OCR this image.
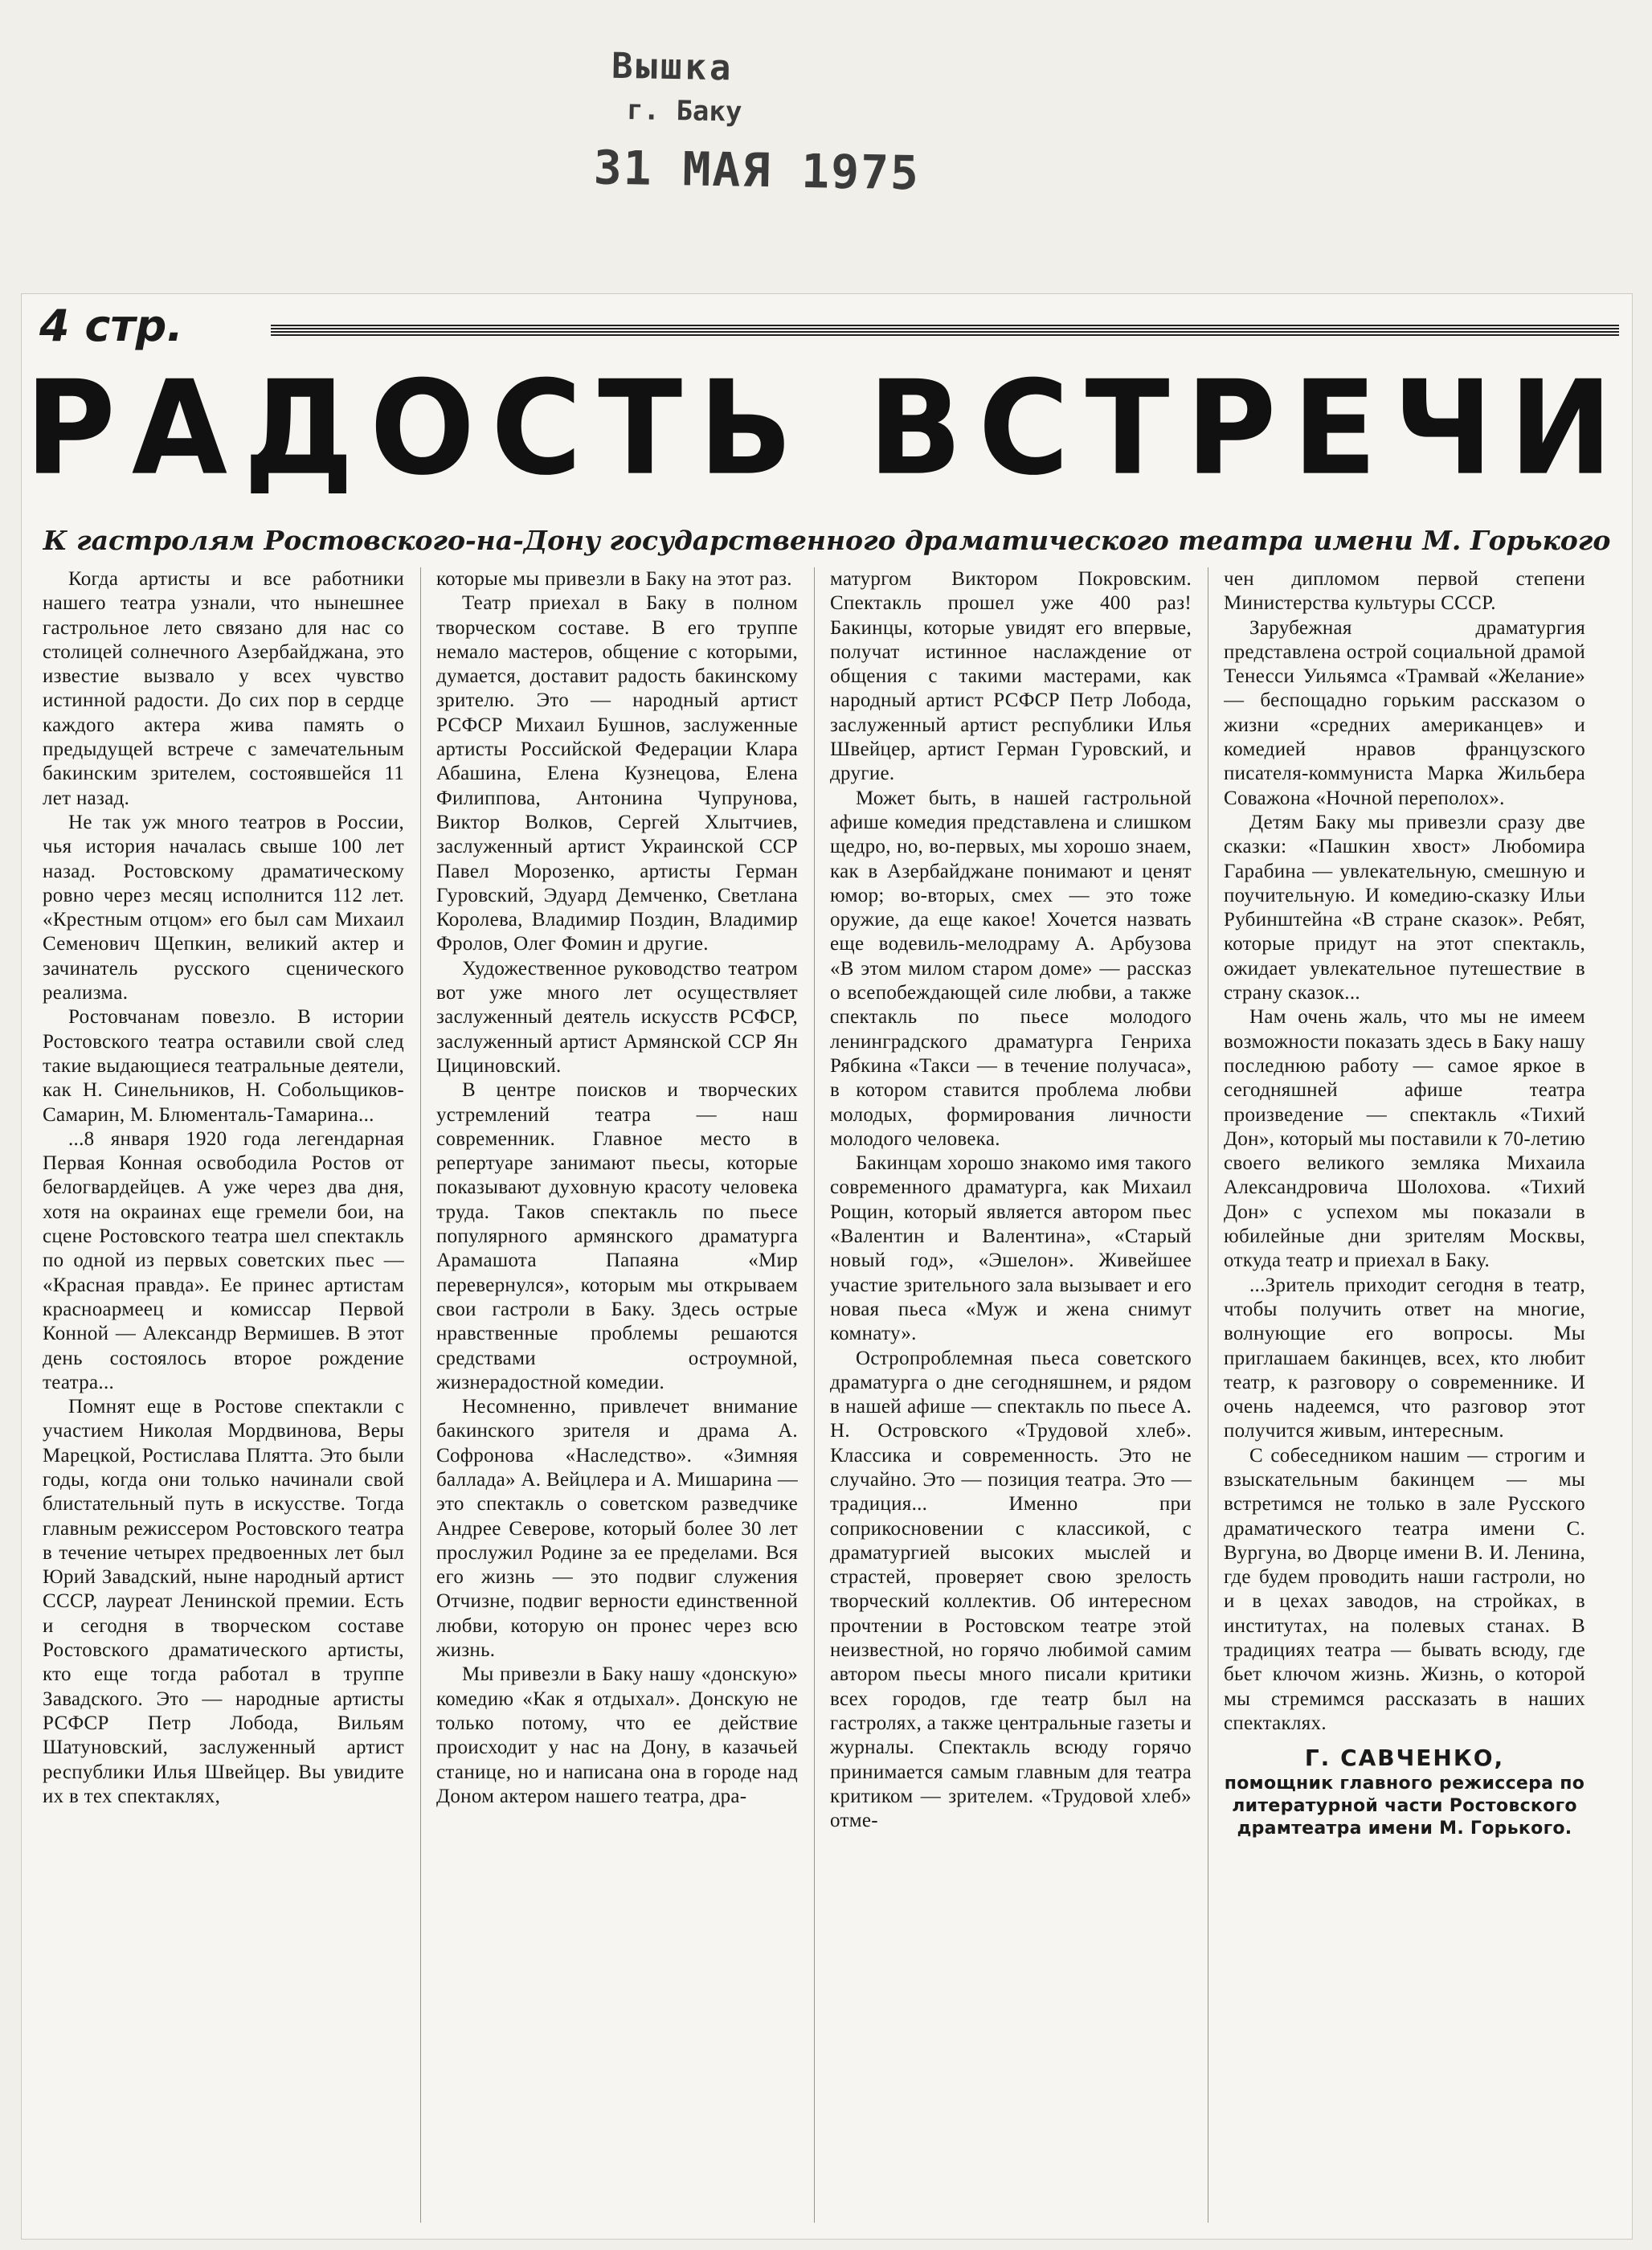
Вышка
г. Баку
31 МАЯ 1975
4 стр.
РАДОСТЬ ВСТРЕЧИ
К гастролям Ростовского-на-Дону государственного драматического театра имени М. Горького

Когда артисты и все работники нашего театра узнали, что нынешнее гастрольное лето связано для нас со столицей солнечного Азербайджана, это известие вызвало у всех чувство истинной радости. До сих пор в сердце каждого актера жива память о предыдущей встрече с замечательным бакинским зрителем, состоявшейся 11 лет назад.

Не так уж много театров в России, чья история началась свыше 100 лет назад. Ростовскому драматическому ровно через месяц исполнится 112 лет. «Крестным отцом» его был сам Михаил Семенович Щепкин, великий актер и зачинатель русского сценического реализма.

Ростовчанам повезло. В истории Ростовского театра оставили свой след такие выдающиеся театральные деятели, как Н. Синельников, Н. Собольщиков-Самарин, М. Блюменталь-Тамарина...

...8 января 1920 года легендарная Первая Конная освободила Ростов от белогвардейцев. А уже через два дня, хотя на окраинах еще гремели бои, на сцене Ростовского театра шел спектакль по одной из первых советских пьес — «Красная правда». Ее принес артистам красноармеец и комиссар Первой Конной — Александр Вермишев. В этот день состоялось второе рождение театра...

Помнят еще в Ростове спектакли с участием Николая Мордвинова, Веры Марецкой, Ростислава Плятта. Это были годы, когда они только начинали свой блистательный путь в искусстве. Тогда главным режиссером Ростовского театра в течение четырех предвоенных лет был Юрий Завадский, ныне народный артист СССР, лауреат Ленинской премии. Есть и сегодня в творческом составе Ростовского драматического артисты, кто еще тогда работал в труппе Завадского. Это — народные артисты РСФСР Петр Лобода, Вильям Шатуновский, заслуженный артист республики Илья Швейцер. Вы увидите их в тех спектаклях,

которые мы привезли в Баку на этот раз.

Театр приехал в Баку в полном творческом составе. В его труппе немало мастеров, общение с которыми, думается, доставит радость бакинскому зрителю. Это — народный артист РСФСР Михаил Бушнов, заслуженные артисты Российской Федерации Клара Абашина, Елена Кузнецова, Елена Филиппова, Антонина Чупрунова, Виктор Волков, Сергей Хлытчиев, заслуженный артист Украинской ССР Павел Морозенко, артисты Герман Гуровский, Эдуард Демченко, Светлана Королева, Владимир Поздин, Владимир Фролов, Олег Фомин и другие.

Художественное руководство театром вот уже много лет осуществляет заслуженный деятель искусств РСФСР, заслуженный артист Армянской ССР Ян Цициновский.

В центре поисков и творческих устремлений театра — наш современник. Главное место в репертуаре занимают пьесы, которые показывают духовную красоту человека труда. Таков спектакль по пьесе популярного армянского драматурга Арамашота Папаяна «Мир перевернулся», которым мы открываем свои гастроли в Баку. Здесь острые нравственные проблемы решаются средствами остроумной, жизнерадостной комедии.

Несомненно, привлечет внимание бакинского зрителя и драма А. Софронова «Наследство». «Зимняя баллада» А. Вейцлера и А. Мишарина — это спектакль о советском разведчике Андрее Северове, который более 30 лет прослужил Родине за ее пределами. Вся его жизнь — это подвиг служения Отчизне, подвиг верности единственной любви, которую он пронес через всю жизнь.

Мы привезли в Баку нашу «донскую» комедию «Как я отдыхал». Донскую не только потому, что ее действие происходит у нас на Дону, в казачьей станице, но и написана она в городе над Доном актером нашего театра, дра-

матургом Виктором Покровским. Спектакль прошел уже 400 раз! Бакинцы, которые увидят его впервые, получат истинное наслаждение от общения с такими мастерами, как народный артист РСФСР Петр Лобода, заслуженный артист республики Илья Швейцер, артист Герман Гуровский, и другие.

Может быть, в нашей гастрольной афише комедия представлена и слишком щедро, но, во-первых, мы хорошо знаем, как в Азербайджане понимают и ценят юмор; во-вторых, смех — это тоже оружие, да еще какое! Хочется назвать еще водевиль-мелодраму А. Арбузова «В этом милом старом доме» — рассказ о всепобеждающей силе любви, а также спектакль по пьесе молодого ленинградского драматурга Генриха Рябкина «Такси — в течение получаса», в котором ставится проблема любви молодых, формирования личности молодого человека.

Бакинцам хорошо знакомо имя такого современного драматурга, как Михаил Рощин, который является автором пьес «Валентин и Валентина», «Старый новый год», «Эшелон». Живейшее участие зрительного зала вызывает и его новая пьеса «Муж и жена снимут комнату».

Остропроблемная пьеса советского драматурга о дне сегодняшнем, и рядом в нашей афише — спектакль по пьесе А. Н. Островского «Трудовой хлеб». Классика и современность. Это не случайно. Это — позиция театра. Это — традиция... Именно при соприкосновении с классикой, с драматургией высоких мыслей и страстей, проверяет свою зрелость творческий коллектив. Об интересном прочтении в Ростовском театре этой неизвестной, но горячо любимой самим автором пьесы много писали критики всех городов, где театр был на гастролях, а также центральные газеты и журналы. Спектакль всюду горячо принимается самым главным для театра критиком — зрителем. «Трудовой хлеб» отме-

чен дипломом первой степени Министерства культуры СССР.

Зарубежная драматургия представлена острой социальной драмой Тенесси Уильямса «Трамвай «Желание» — беспощадно горьким рассказом о жизни «средних американцев» и комедией нравов французского писателя-коммуниста Марка Жильбера Соважона «Ночной переполох».

Детям Баку мы привезли сразу две сказки: «Пашкин хвост» Любомира Гарабина — увлекательную, смешную и поучительную. И комедию-сказку Ильи Рубинштейна «В стране сказок». Ребят, которые придут на этот спектакль, ожидает увлекательное путешествие в страну сказок...

Нам очень жаль, что мы не имеем возможности показать здесь в Баку нашу последнюю работу — самое яркое в сегодняшней афише театра произведение — спектакль «Тихий Дон», который мы поставили к 70-летию своего великого земляка Михаила Александровича Шолохова. «Тихий Дон» с успехом мы показали в юбилейные дни зрителям Москвы, откуда театр и приехал в Баку.

...Зритель приходит сегодня в театр, чтобы получить ответ на многие, волнующие его вопросы. Мы приглашаем бакинцев, всех, кто любит театр, к разговору о современнике. И очень надеемся, что разговор этот получится живым, интересным.

С собеседником нашим — строгим и взыскательным бакинцем — мы встретимся не только в зале Русского драматического театра имени С. Вургуна, во Дворце имени В. И. Ленина, где будем проводить наши гастроли, но и в цехах заводов, на стройках, в институтах, на полевых станах. В традициях театра — бывать всюду, где бьет ключом жизнь. Жизнь, о которой мы стремимся рассказать в наших спектаклях.

Г. САВЧЕНКО,
помощник главного режиссера по литературной части Ростовского драмтеатра имени М. Горького.
